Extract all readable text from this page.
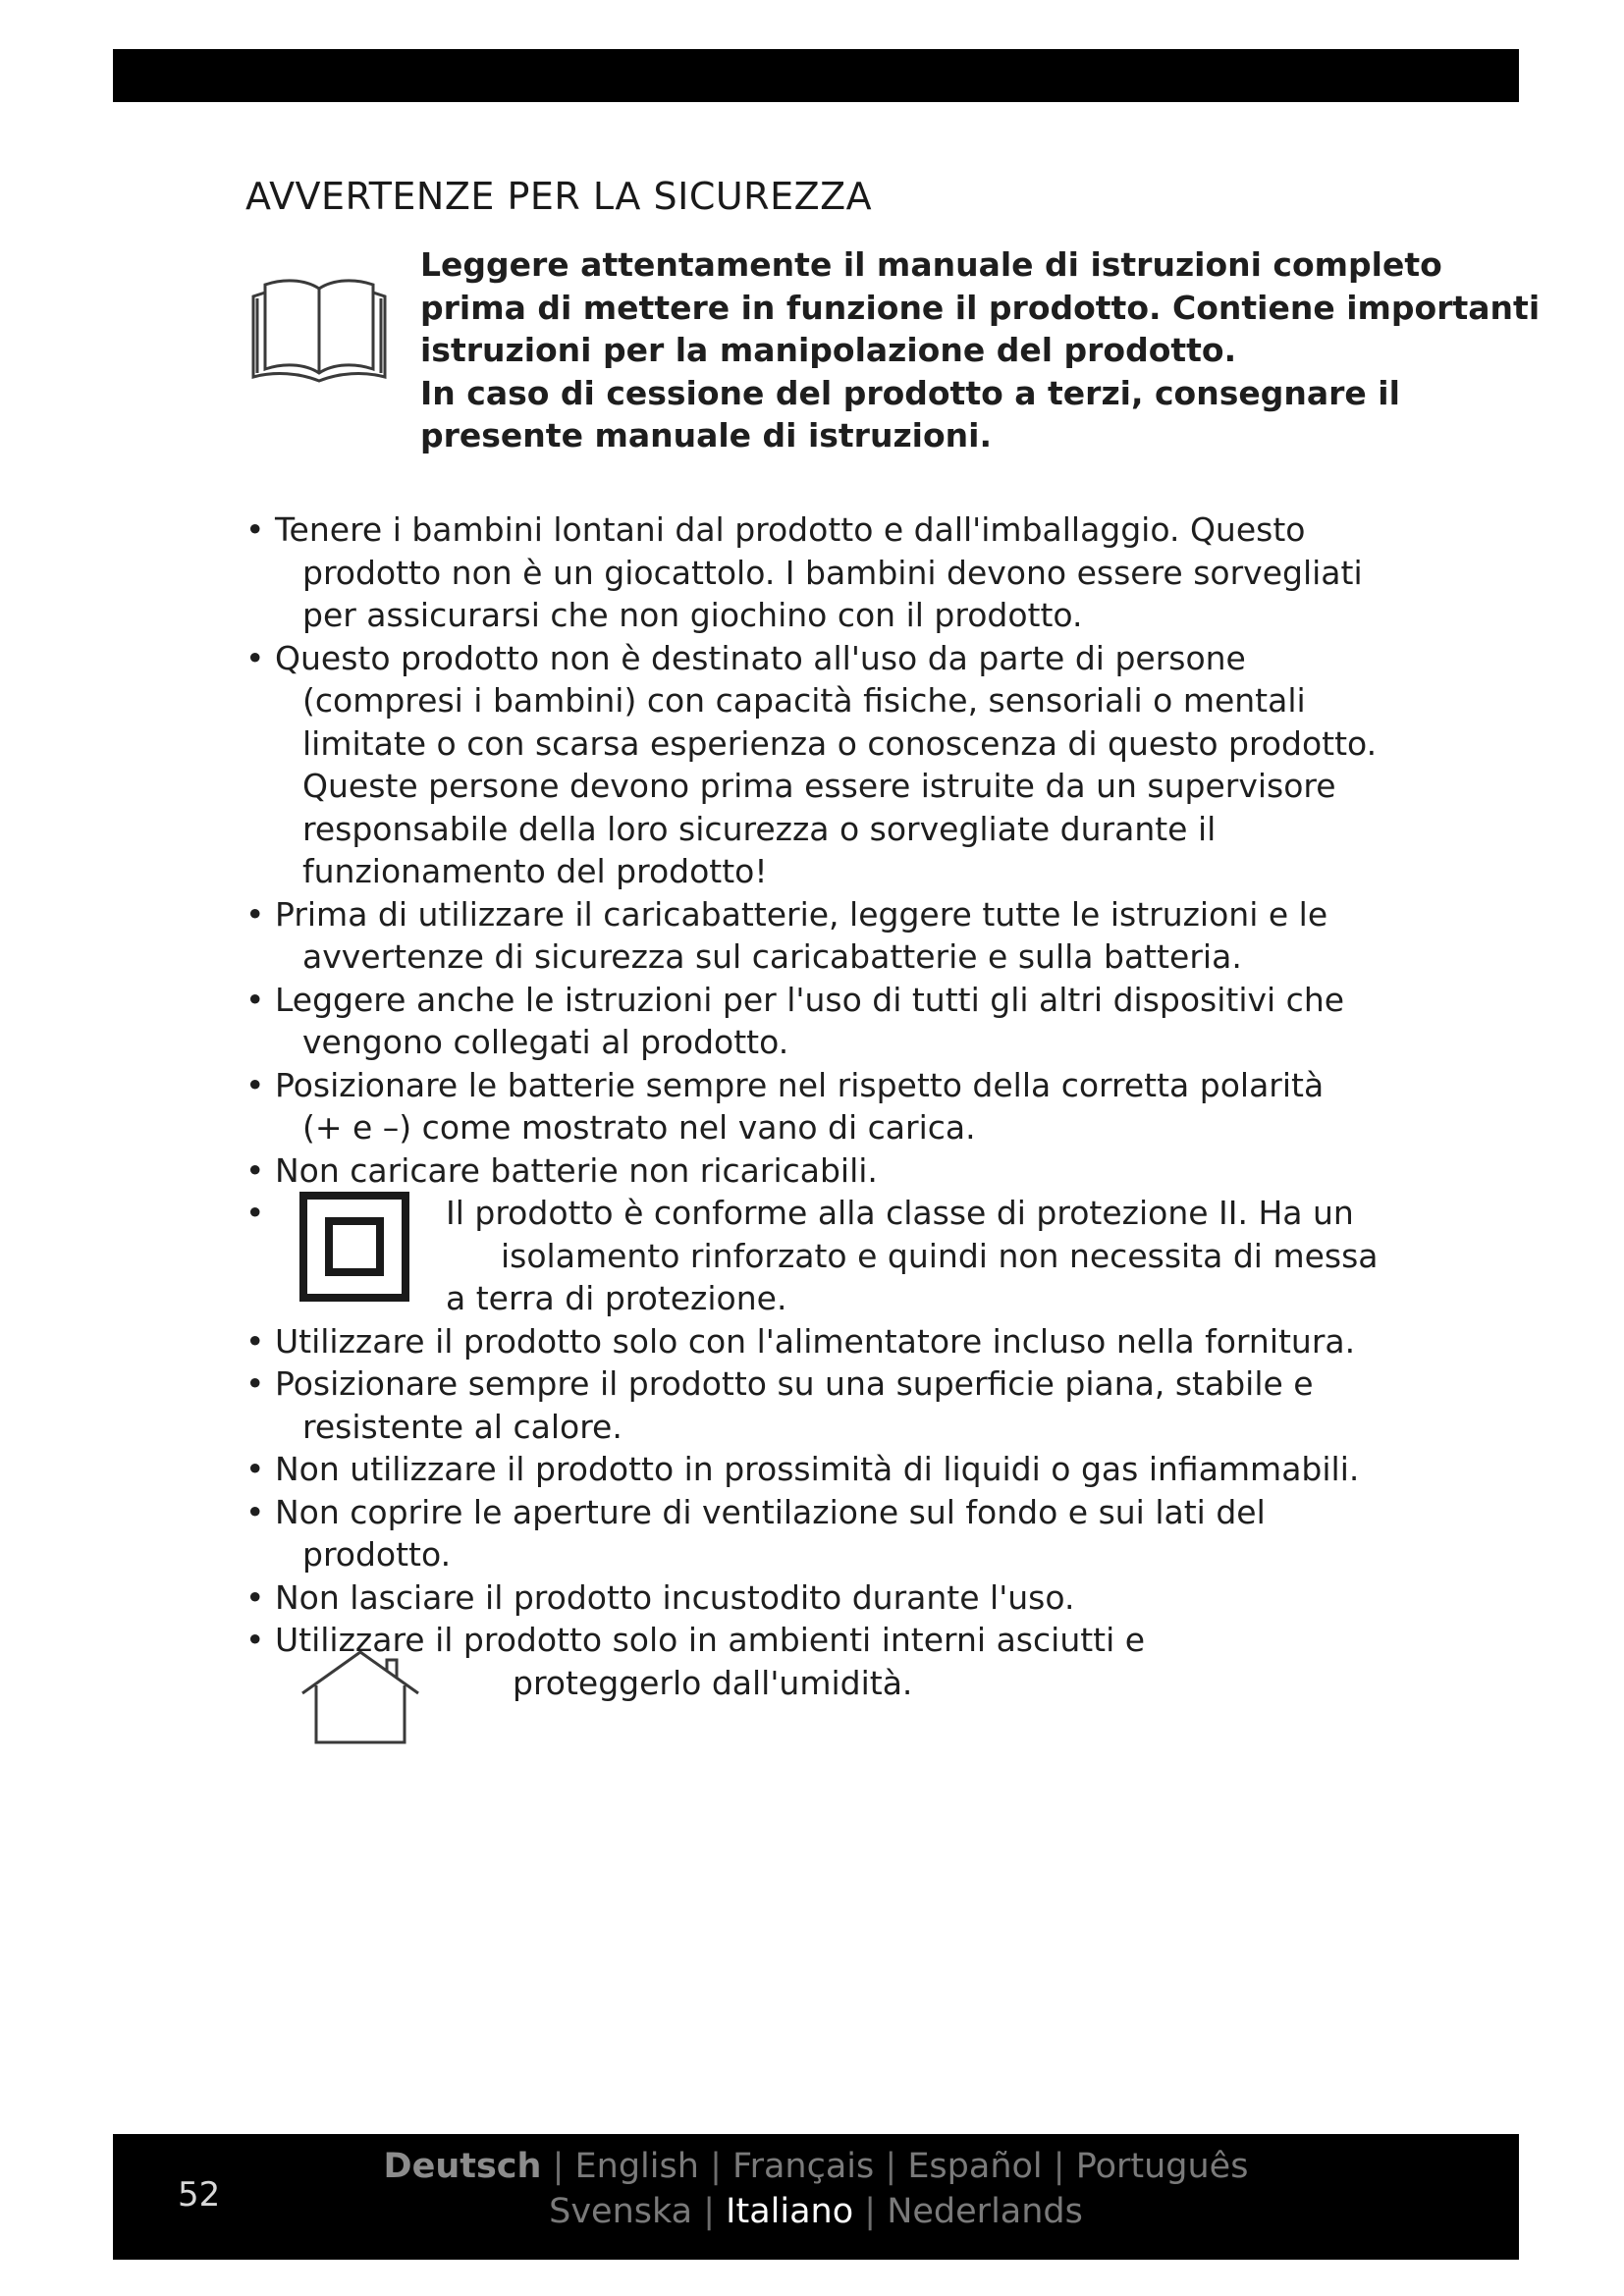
AVVERTENZE PER LA SICUREZZA

Leggere attentamente il manuale di istruzioni completo

prima di mettere in funzione il prodotto. Contiene importanti

istruzioni per la manipolazione del prodotto.

In caso di cessione del prodotto a terzi, consegnare il

presente manuale di istruzioni.

• Tenere i bambini lontani dal prodotto e dall'imballaggio. Questo
prodotto non è un giocattolo. I bambini devono essere sorvegliati
per assicurarsi che non giochino con il prodotto.
• Questo prodotto non è destinato all'uso da parte di persone
(compresi i bambini) con capacità fisiche, sensoriali o mentali
limitate o con scarsa esperienza o conoscenza di questo prodotto.
Queste persone devono prima essere istruite da un supervisore
responsabile della loro sicurezza o sorvegliate durante il
funzionamento del prodotto!
• Prima di utilizzare il caricabatterie, leggere tutte le istruzioni e le
avvertenze di sicurezza sul caricabatterie e sulla batteria.
• Leggere anche le istruzioni per l'uso di tutti gli altri dispositivi che
vengono collegati al prodotto.
• Posizionare le batterie sempre nel rispetto della corretta polarità
(+ e –) come mostrato nel vano di carica.
• Non caricare batterie non ricaricabili.
•	Il prodotto è conforme alla classe di protezione II. Ha un
isolamento rinforzato e quindi non necessita di messa
a terra di protezione.
• Utilizzare il prodotto solo con l'alimentatore incluso nella fornitura.
• Posizionare sempre il prodotto su una superficie piana, stabile e
resistente al calore.
• Non utilizzare il prodotto in prossimità di liquidi o gas infiammabili.
• Non coprire le aperture di ventilazione sul fondo e sui lati del
prodotto.
• Non lasciare il prodotto incustodito durante l'uso.
• Utilizzare il prodotto solo in ambienti interni asciutti e
proteggerlo dall'umidità.
52
Deutsch | English | Français | Español | Português
Svenska | Italiano | Nederlands
